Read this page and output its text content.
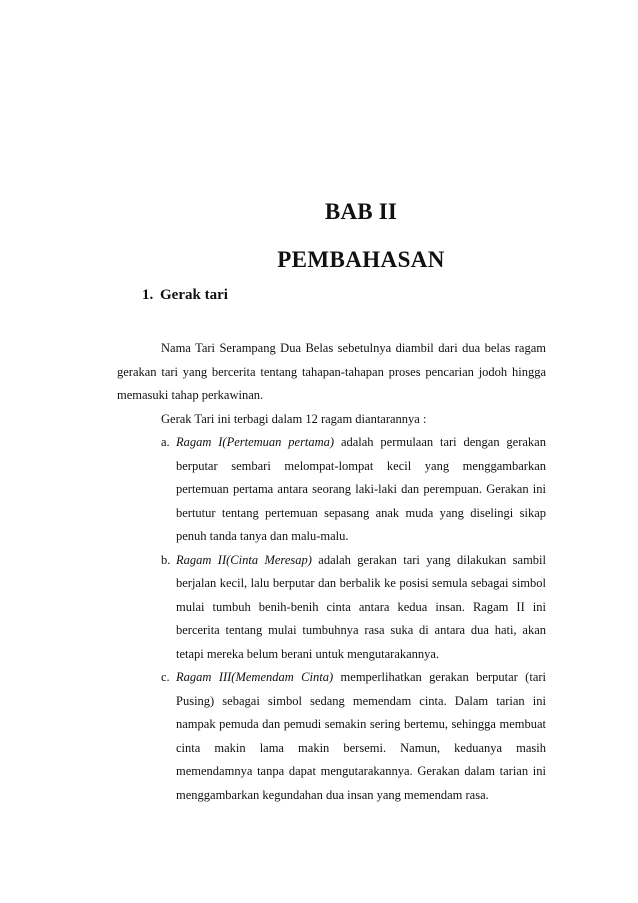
BAB II
PEMBAHASAN
1. Gerak tari

Nama Tari Serampang Dua Belas sebetulnya diambil dari dua belas ragam gerakan tari yang bercerita tentang tahapan-tahapan proses pencarian jodoh hingga memasuki tahap perkawinan.

Gerak Tari ini terbagi dalam 12 ragam diantarannya :

a. Ragam I(Pertemuan pertama) adalah permulaan tari dengan gerakan berputar sembari melompat-lompat kecil yang menggambarkan pertemuan pertama antara seorang laki-laki dan perempuan. Gerakan ini bertutur tentang pertemuan sepasang anak muda yang diselingi sikap penuh tanda tanya dan malu-malu.
b. Ragam II(Cinta Meresap) adalah gerakan tari yang dilakukan sambil berjalan kecil, lalu berputar dan berbalik ke posisi semula sebagai simbol mulai tumbuh benih-benih cinta antara kedua insan. Ragam II ini bercerita tentang mulai tumbuhnya rasa suka di antara dua hati, akan tetapi mereka belum berani untuk mengutarakannya.
c. Ragam III(Memendam Cinta) memperlihatkan gerakan berputar (tari Pusing) sebagai simbol sedang memendam cinta. Dalam tarian ini nampak pemuda dan pemudi semakin sering bertemu, sehingga membuat cinta makin lama makin bersemi. Namun, keduanya masih memendamnya tanpa dapat mengutarakannya. Gerakan dalam tarian ini menggambarkan kegundahan dua insan yang memendam rasa.
